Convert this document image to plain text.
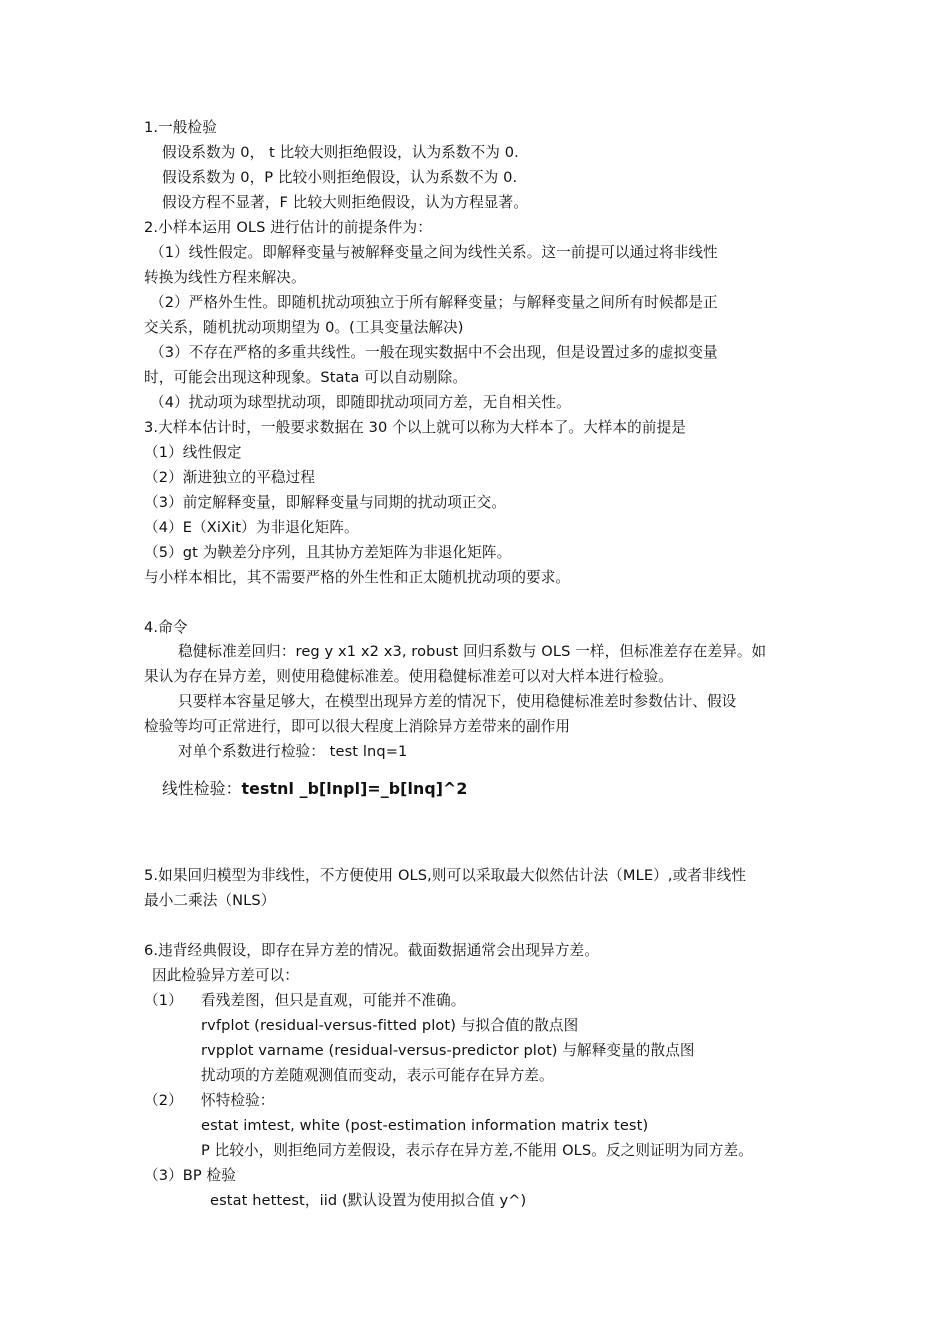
1.一般检验
假设系数为 0， t 比较大则拒绝假设，认为系数不为 0.
假设系数为 0，P 比较小则拒绝假设，认为系数不为 0.
假设方程不显著，F 比较大则拒绝假设，认为方程显著。
2.小样本运用 OLS 进行估计的前提条件为：
（1）线性假定。即解释变量与被解释变量之间为线性关系。这一前提可以通过将非线性
转换为线性方程来解决。
（2）严格外生性。即随机扰动项独立于所有解释变量；与解释变量之间所有时候都是正
交关系，随机扰动项期望为 0。(工具变量法解决)
（3）不存在严格的多重共线性。一般在现实数据中不会出现，但是设置过多的虚拟变量
时，可能会出现这种现象。Stata 可以自动剔除。
（4）扰动项为球型扰动项，即随即扰动项同方差，无自相关性。
3.大样本估计时，一般要求数据在 30 个以上就可以称为大样本了。大样本的前提是
（1）线性假定
（2）渐进独立的平稳过程
（3）前定解释变量，即解释变量与同期的扰动项正交。
（4）E（XiXit）为非退化矩阵。
（5）gt 为鞅差分序列，且其协方差矩阵为非退化矩阵。
与小样本相比，其不需要严格的外生性和正太随机扰动项的要求。
4.命令
稳健标准差回归：reg y x1 x2 x3, robust 回归系数与 OLS 一样，但标准差存在差异。如
果认为存在异方差，则使用稳健标准差。使用稳健标准差可以对大样本进行检验。
只要样本容量足够大，在模型出现异方差的情况下，使用稳健标准差时参数估计、假设
检验等均可正常进行，即可以很大程度上消除异方差带来的副作用
对单个系数进行检验： test lnq=1
线性检验：testnl _b[lnpl]=_b[lnq]^2
5.如果回归模型为非线性，不方便使用 OLS,则可以采取最大似然估计法（MLE）,或者非线性
最小二乘法（NLS）
6.违背经典假设，即存在异方差的情况。截面数据通常会出现异方差。
因此检验异方差可以：
（1） 看残差图，但只是直观，可能并不准确。
rvfplot (residual-versus-fitted plot) 与拟合值的散点图
rvpplot varname (residual-versus-predictor plot) 与解释变量的散点图
扰动项的方差随观测值而变动，表示可能存在异方差。
（2） 怀特检验：
estat imtest, white (post-estimation information matrix test)
P 比较小，则拒绝同方差假设，表示存在异方差,不能用 OLS。反之则证明为同方差。
（3）BP 检验
estat hettest，iid (默认设置为使用拟合值 y^)
